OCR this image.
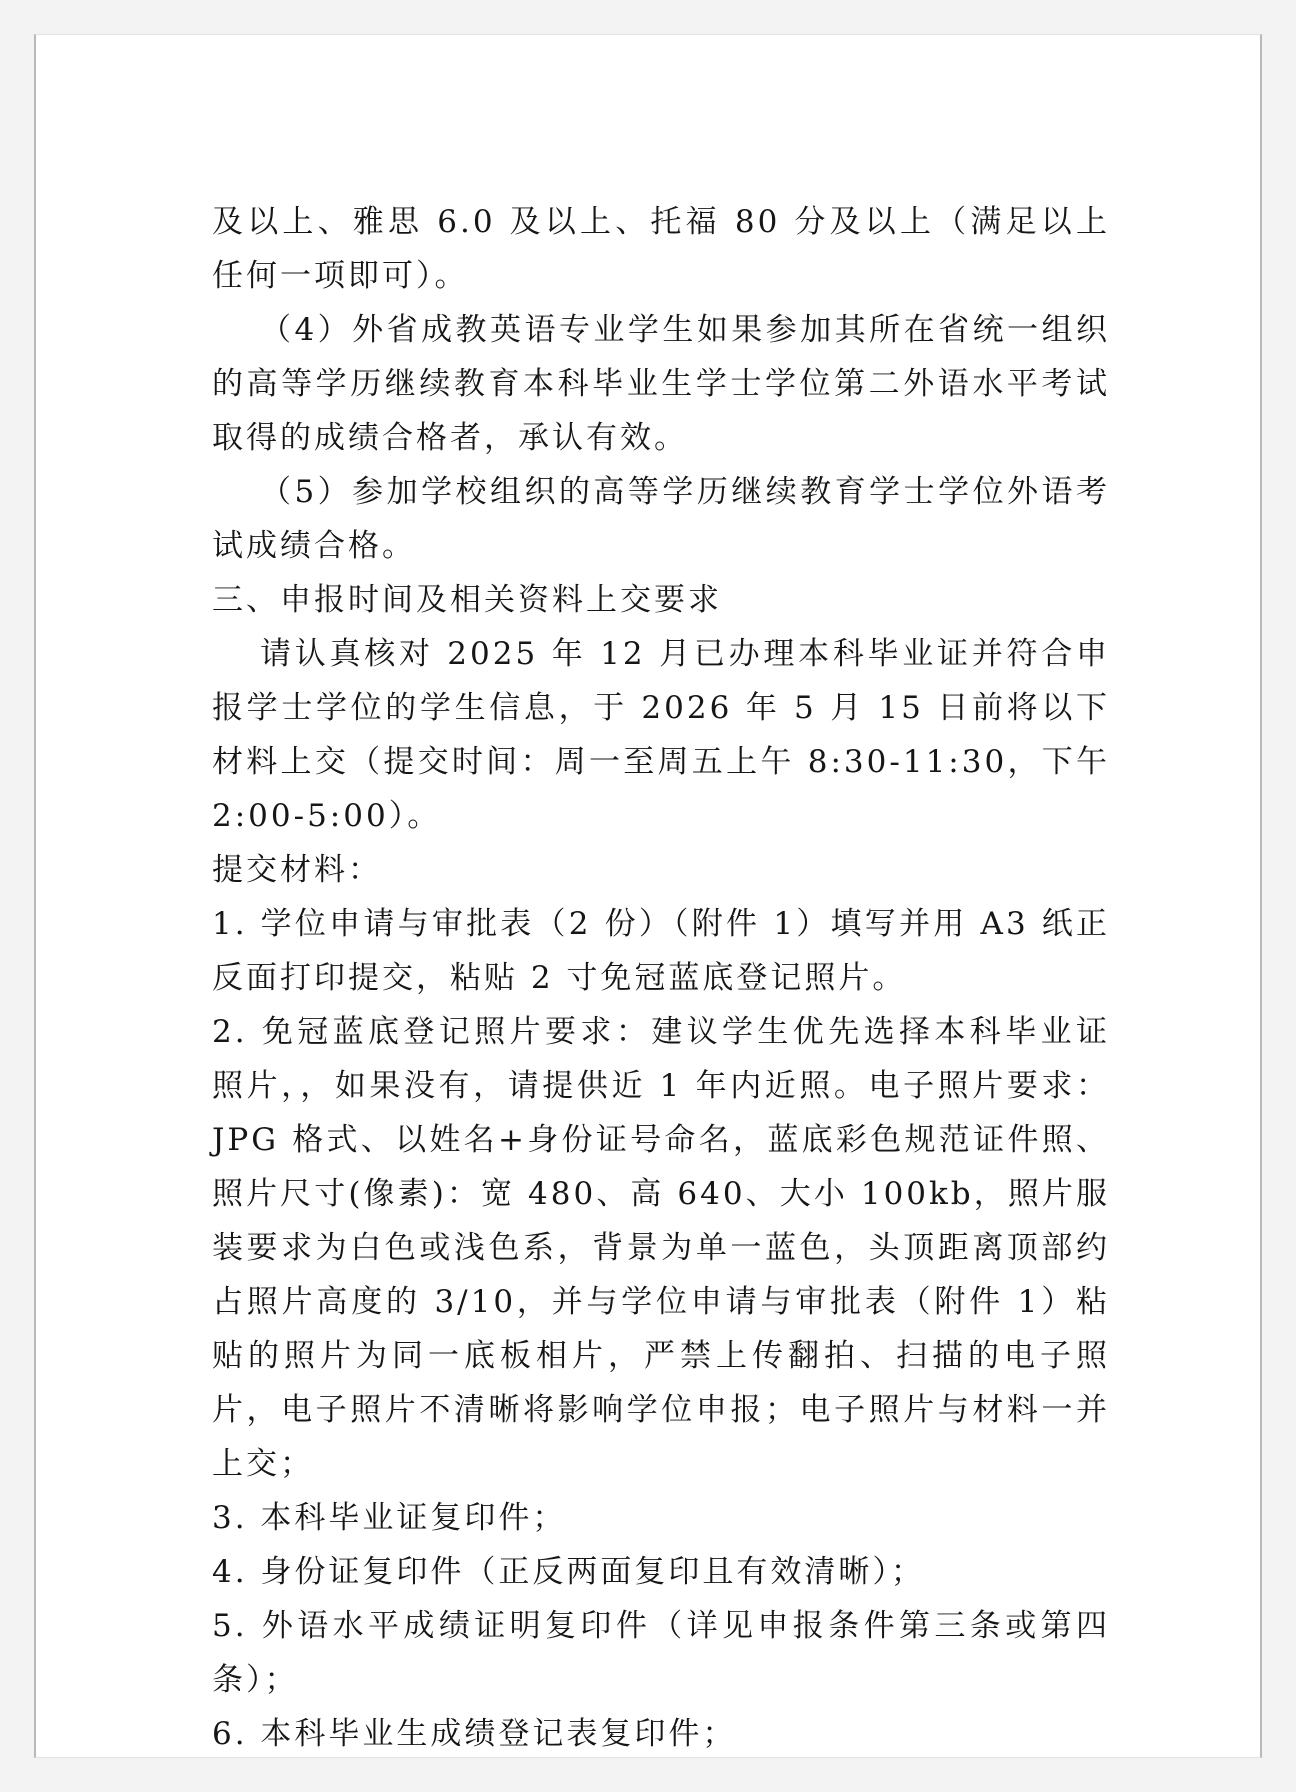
及以上、雅思 6.0 及以上、托福 80 分及以上（满足以上任何一项即可）。

（4）外省成教英语专业学生如果参加其所在省统一组织的高等学历继续教育本科毕业生学士学位第二外语水平考试取得的成绩合格者，承认有效。

（5）参加学校组织的高等学历继续教育学士学位外语考试成绩合格。

三、申报时间及相关资料上交要求

请认真核对 2025 年 12 月已办理本科毕业证并符合申报学士学位的学生信息，于 2026 年 5 月 15 日前将以下材料上交（提交时间：周一至周五上午 8:30-11:30，下午 2:00-5:00）。

提交材料：

1. 学位申请与审批表（2 份）（附件 1）填写并用 A3 纸正反面打印提交，粘贴 2 寸免冠蓝底登记照片。

2. 免冠蓝底登记照片要求：建议学生优先选择本科毕业证照片，，如果没有，请提供近 1 年内近照。电子照片要求：JPG 格式、以姓名+身份证号命名，蓝底彩色规范证件照、照片尺寸(像素)：宽 480、高 640、大小 100kb，照片服装要求为白色或浅色系，背景为单一蓝色，头顶距离顶部约占照片高度的 3/10，并与学位申请与审批表（附件 1）粘贴的照片为同一底板相片，严禁上传翻拍、扫描的电子照片，电子照片不清晰将影响学位申报；电子照片与材料一并上交；

3. 本科毕业证复印件；

4. 身份证复印件（正反两面复印且有效清晰）；

5. 外语水平成绩证明复印件（详见申报条件第三条或第四条）；

6. 本科毕业生成绩登记表复印件；
